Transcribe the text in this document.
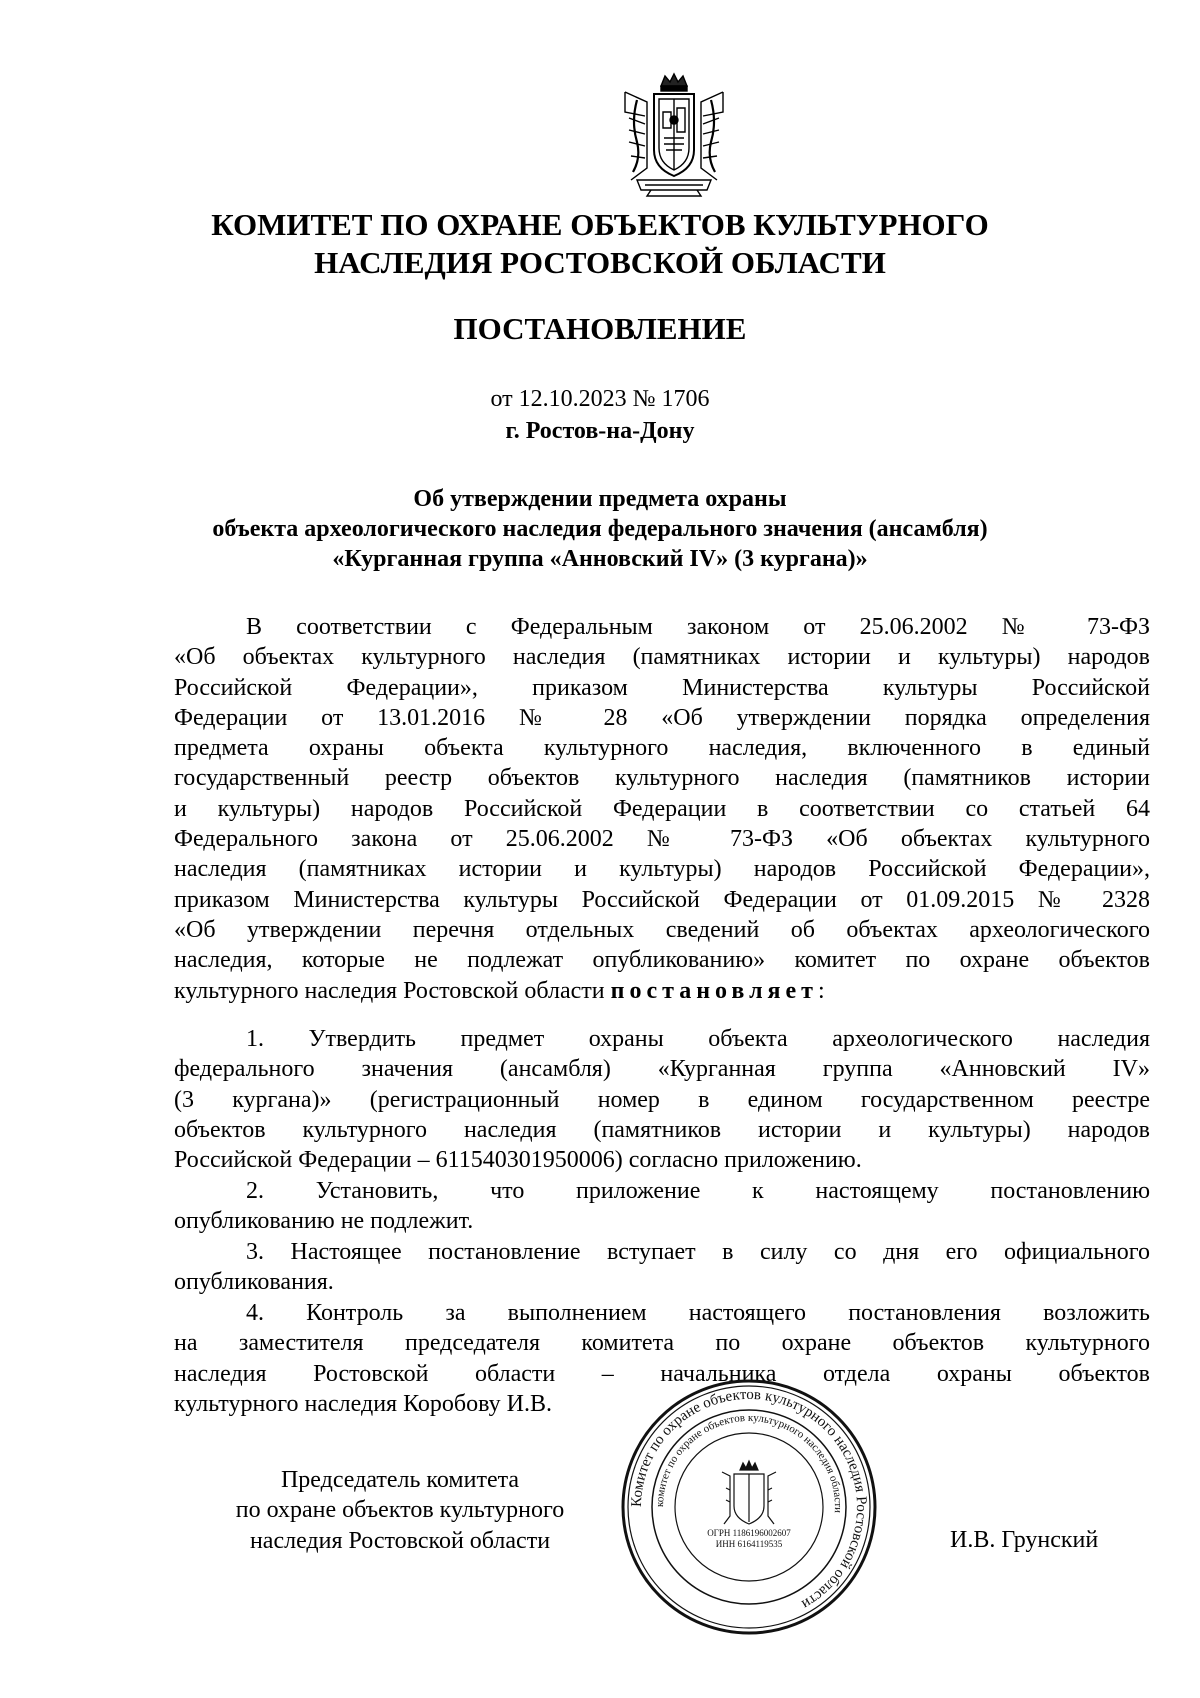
КОМИТЕТ ПО ОХРАНЕ ОБЪЕКТОВ КУЛЬТУРНОГО
НАСЛЕДИЯ РОСТОВСКОЙ ОБЛАСТИ
ПОСТАНОВЛЕНИЕ
от 12.10.2023 № 1706
г. Ростов-на-Дону
Об утверждении предмета охраны
объекта археологического наследия федерального значения (ансамбля)
«Курганная группа «Анновский IV» (3 кургана)»
В соответствии с Федеральным законом от 25.06.2002 № 73-ФЗ
«Об объектах культурного наследия (памятниках истории и культуры) народов
Российской Федерации», приказом Министерства культуры Российской
Федерации от 13.01.2016 № 28 «Об утверждении порядка определения
предмета охраны объекта культурного наследия, включенного в единый
государственный реестр объектов культурного наследия (памятников истории
и культуры) народов Российской Федерации в соответствии со статьей 64
Федерального закона от 25.06.2002 № 73-ФЗ «Об объектах культурного
наследия (памятниках истории и культуры) народов Российской Федерации»,
приказом Министерства культуры Российской Федерации от 01.09.2015 № 2328
«Об утверждении перечня отдельных сведений об объектах археологического
наследия, которые не подлежат опубликованию» комитет по охране объектов
культурного наследия Ростовской области постановляет:
1. Утвердить предмет охраны объекта археологического наследия
федерального значения (ансамбля) «Курганная группа «Анновский IV»
(3 кургана)» (регистрационный номер в едином государственном реестре
объектов культурного наследия (памятников истории и культуры) народов
Российской Федерации – 611540301950006) согласно приложению.
2. Установить, что приложение к настоящему постановлению
опубликованию не подлежит.
3. Настоящее постановление вступает в силу со дня его официального
опубликования.
4. Контроль за выполнением настоящего постановления возложить
на заместителя председателя комитета по охране объектов культурного
наследия Ростовской области – начальника отдела охраны объектов
культурного наследия Коробову И.В.
Председатель комитета
по охране объектов культурного
наследия Ростовской области
Комитет по охране объектов культурного наследия Ростовской области
комитет по охране объектов культурного наследия области
ОГРН 1186196002607
ИНН 6164119535	И.В. Грунский
